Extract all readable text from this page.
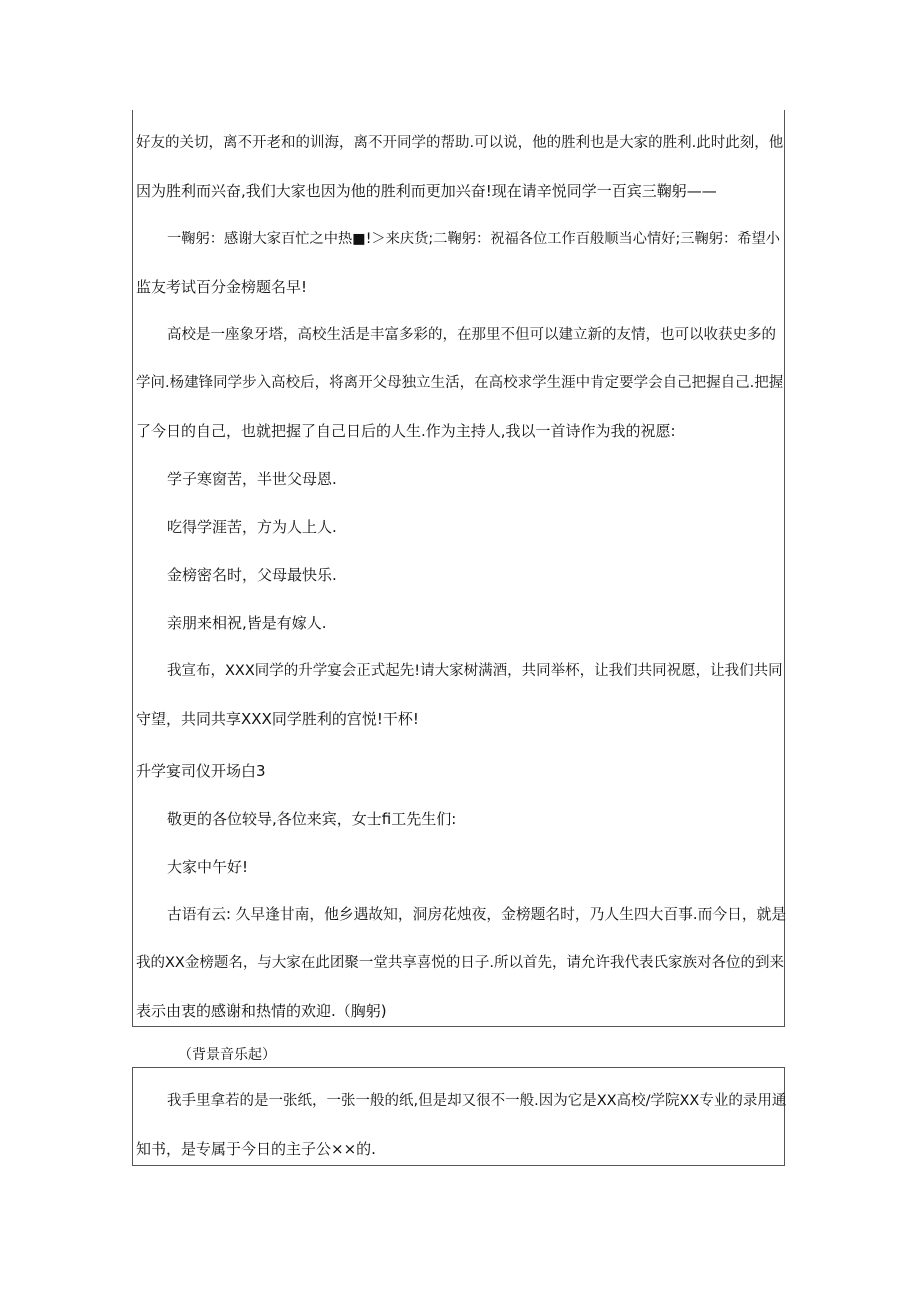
好友的关切，离不开老和的训海，离不开同学的帮助.可以说，他的胜利也是大家的胜利.此时此刻，他
因为胜利而兴奋,我们大家也因为他的胜利而更加兴奋!现在请辛悦同学一百宾三鞠躬——
一鞠躬：感谢大家百忙之中热■!＞来庆货;二鞠躬：祝福各位工作百般顺当心情好;三鞠躬：希望小
监友考试百分金榜题名早!
高校是一座象牙塔，高校生活是丰富多彩的，在那里不但可以建立新的友情，也可以收获史多的
学问.杨建锋同学步入高校后，将离开父母独立生活，在高校求学生涯中肯定要学会自己把握自己.把握
了今日的自己，也就把握了自己日后的人生.作为主持人,我以一首诗作为我的祝愿:
学子寒窗苦，半世父母恩.
吃得学涯苦，方为人上人.
金榜密名时，父母最快乐.
亲朋来相祝,皆是有嫁人.
我宣布，XXX同学的升学宴会正式起先!请大家树满酒，共同举杯，让我们共同祝愿，让我们共同
守望，共同共享XXX同学胜利的宫悦!干杯!
升学宴司仪开场白3
敬更的各位较导,各位来宾，女士fi工先生们:
大家中午好!
古语有云: 久早逢甘南，他乡遇故知，洞房花烛夜，金榜题名时，乃人生四大百事.而今日，就是
我的XX金榜题名，与大家在此团聚一堂共享喜悦的日子.所以首先，请允许我代表氏家族对各位的到来
表示由衷的感谢和热情的欢迎.（胸躬)
（背景音乐起）
我手里拿若的是一张纸，一张一般的纸,但是却又很不一般.因为它是XX高校/学院XX专业的录用通
知书，是专属于今日的主子公××的.
